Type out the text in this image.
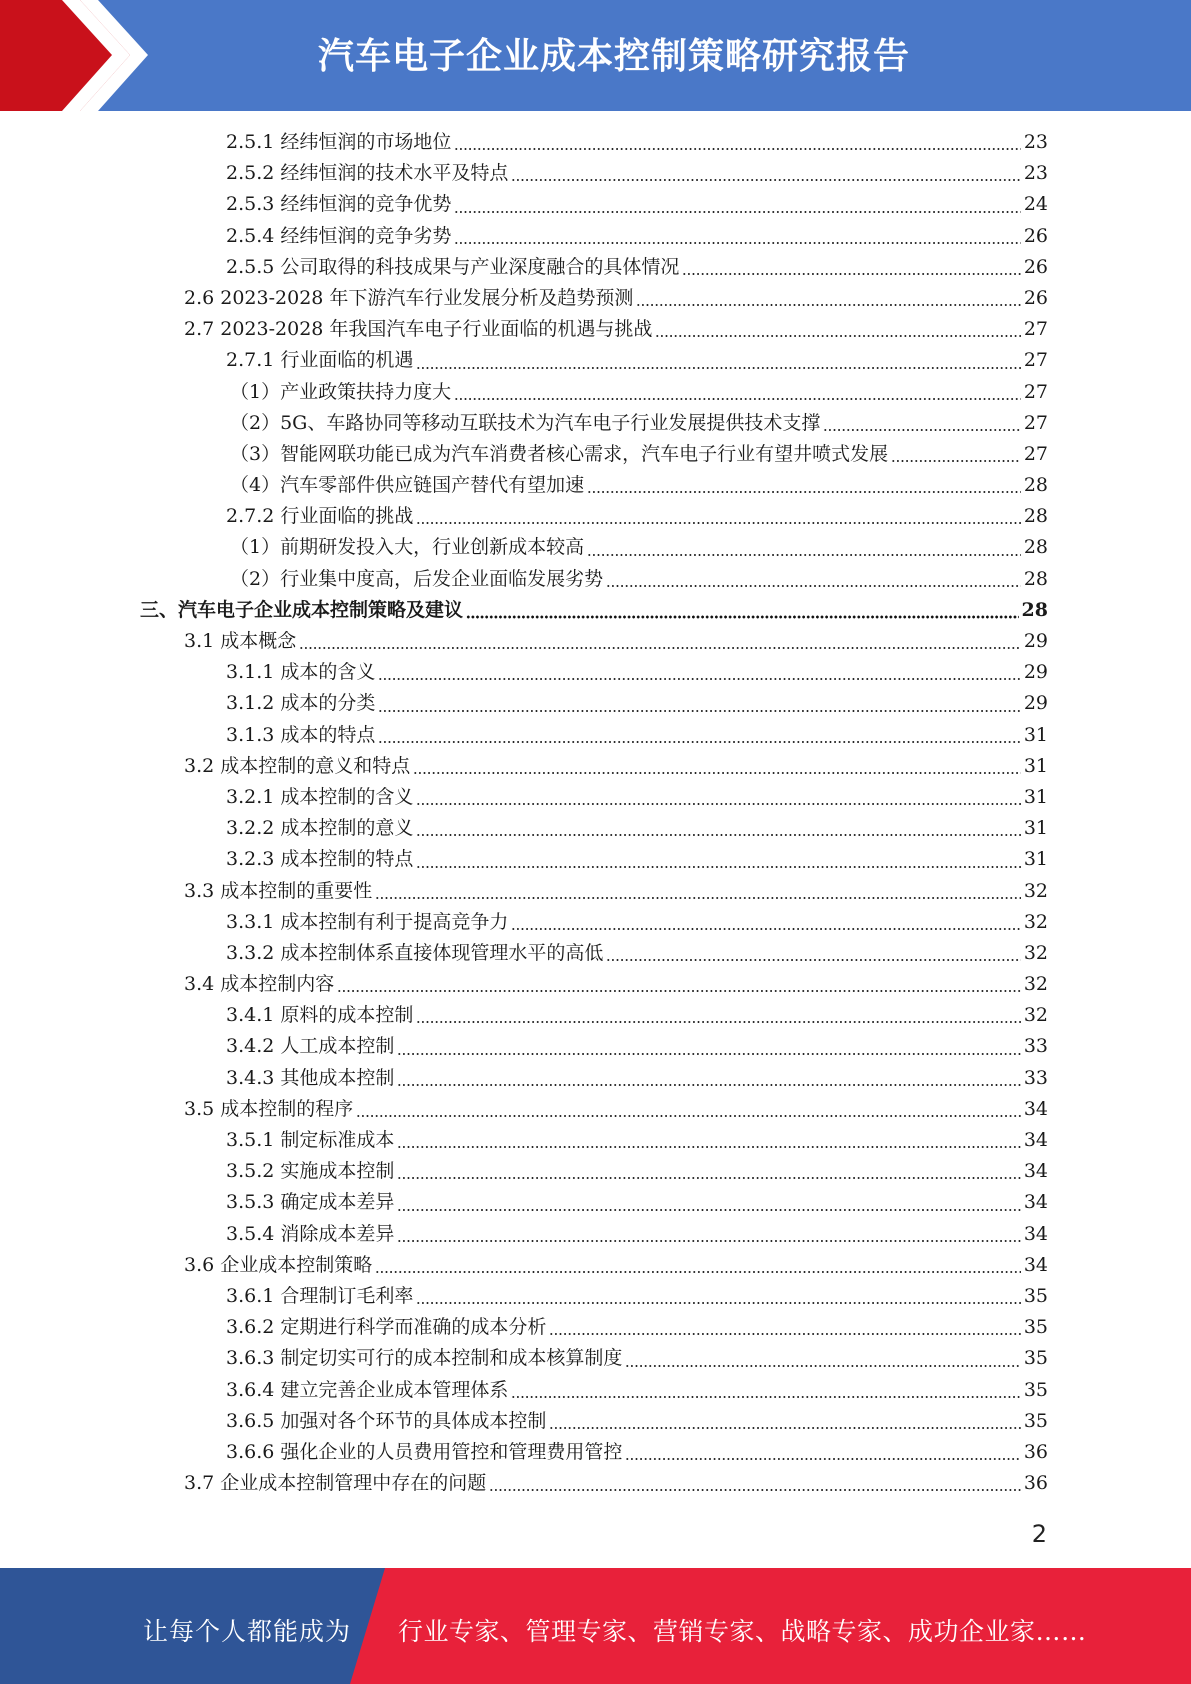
汽车电子企业成本控制策略研究报告
2.5.1 经纬恒润的市场地位	23
2.5.2 经纬恒润的技术水平及特点	23
2.5.3 经纬恒润的竞争优势	24
2.5.4 经纬恒润的竞争劣势	26
2.5.5 公司取得的科技成果与产业深度融合的具体情况	26
2.6 2023-2028 年下游汽车行业发展分析及趋势预测	26
2.7 2023-2028 年我国汽车电子行业面临的机遇与挑战	27
2.7.1 行业面临的机遇	27
（1）产业政策扶持力度大	27
（2）5G、车路协同等移动互联技术为汽车电子行业发展提供技术支撑	27
（3）智能网联功能已成为汽车消费者核心需求，汽车电子行业有望井喷式发展	27
（4）汽车零部件供应链国产替代有望加速	28
2.7.2 行业面临的挑战	28
（1）前期研发投入大，行业创新成本较高	28
（2）行业集中度高，后发企业面临发展劣势	28
三、汽车电子企业成本控制策略及建议	28
3.1 成本概念	29
3.1.1 成本的含义	29
3.1.2 成本的分类	29
3.1.3 成本的特点	31
3.2 成本控制的意义和特点	31
3.2.1 成本控制的含义	31
3.2.2 成本控制的意义	31
3.2.3 成本控制的特点	31
3.3 成本控制的重要性	32
3.3.1 成本控制有利于提高竞争力	32
3.3.2 成本控制体系直接体现管理水平的高低	32
3.4 成本控制内容	32
3.4.1 原料的成本控制	32
3.4.2 人工成本控制	33
3.4.3 其他成本控制	33
3.5 成本控制的程序	34
3.5.1 制定标准成本	34
3.5.2 实施成本控制	34
3.5.3 确定成本差异	34
3.5.4 消除成本差异	34
3.6 企业成本控制策略	34
3.6.1 合理制订毛利率	35
3.6.2 定期进行科学而准确的成本分析	35
3.6.3 制定切实可行的成本控制和成本核算制度	35
3.6.4 建立完善企业成本管理体系	35
3.6.5 加强对各个环节的具体成本控制	35
3.6.6 强化企业的人员费用管控和管理费用管控	36
3.7 企业成本控制管理中存在的问题	36
2
让每个人都能成为 行业专家、管理专家、营销专家、战略专家、成功企业家……
